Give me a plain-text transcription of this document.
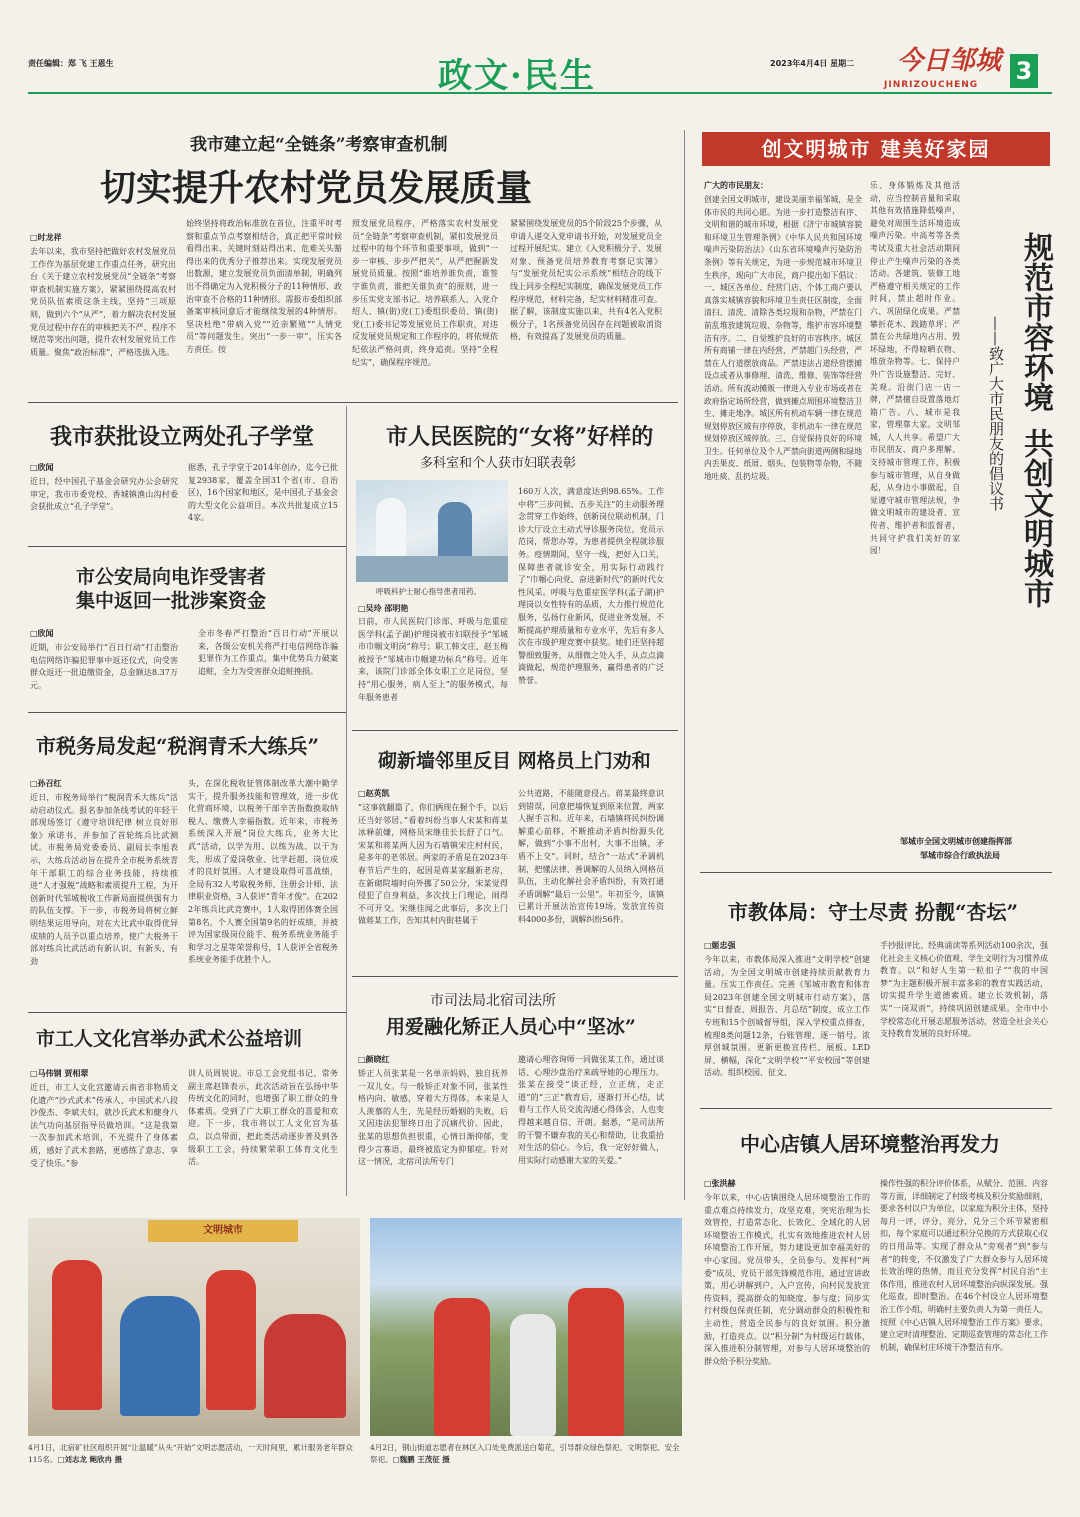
责任编辑：郑 飞 王恩生	政文·民生	2023年4月4日 星期二 今日邹城
JINRIZOUCHENG 3
我市建立起“全链条”考察审查机制
切实提升农村党员发展质量
□时龙祥
去年以来，我市坚持把做好农村发展党员工作作为基层党建工作重点任务，研究出台《关于建立农村发展党员“全链条”考察审查机制实施方案》，紧紧围绕提高农村党员队伍素质这条主线，坚持“三项原则，做到六个“从严”，着力解决农村发展党员过程中存在的审核把关不严、程序不规范等突出问题，提升农村发展党员工作质量。聚焦“政治标准”，严格选拔入选。
始终坚持将政治标准放在首位，注重平时考察和重点节点考察相结合，真正把平常时候看得出来、关键时刻站得出来、危难关头豁得出来的优秀分子推荐出来。实现发展党员出数源，建立发展党员负面清单制，明确列出不得确定为入党积极分子的11种情形、政治审查不合格的11种情形。需报市委组织部备案审核同意后才能继续发展的4种情形。坚决杜绝“带病入党”“近亲繁殖”“人情党员”等问题发生。突出“一步一审”，压实各方责任。按
照发展党员程序，严格落实农村发展党员“全链条”考察审查机制，紧扣发展党员过程中的每个环节和重要事项，做到“一步一审核、步步严把关”，从严把握新发展党员质量。按照“谁培养谁负责，谁签字谁负责，谁把关谁负责”的原则，进一步压实党支部书记、培养联系人、入党介绍人、镇(街)党(工)委组织委员、镇(街)党(工)委书记等发展党员工作职责，对违反发展党员规定和工作程序的，将依规依纪依法严格问责，终身追责。坚持“全程纪实”，确保程序规范。
紧紧围绕发展党员的5个阶段25个步骤，从申请人递交入党申请书开始，对发展党员全过程开展纪实。建立《入党积极分子、发展对象、预备党员培养教育考察记实簿》与“发展党员纪实公示系统”相结合的线下线上同步全程纪实制度，确保发展党员工作程序规范，材料完备，纪实材料精准可查。据了解，该制度实施以来，共有4名入党积极分子，1名预备党员因存在问题被取消资格，有效提高了发展党员的质量。
我市获批设立两处孔子学堂
□欣闻
近日，经中国孔子基金会研究办公会研究审定，我市市委党校、香城镇渔山沟村委会获批成立“孔子学堂”。
据悉，孔子学堂于2014年创办，迄今已批复2938家，覆盖全国31个省(市、自治区)，16个国家和地区，是中国孔子基金会的大型文化公益项目。本次共批复成立154家。
市公安局向电诈受害者
集中返回一批涉案资金
□欣闻
近期，市公安局举行“百日行动”打击整治电信网络诈骗犯罪事中返还仪式，向受害群众返还一批追缴资金，总金额达8.37万元。
全市冬春严打整治“百日行动”开展以来，各级公安机关将严打电信网络诈骗犯罪作为工作重点，集中优势兵力破案追赃，全力为受害群众追赃挽损。
市税务局发起“税润青禾大练兵”
□孙召红
近日，市税务局举行“税润青禾大练兵”活动启动仪式。报名参加条线考试的年轻干部现场签订《遵守培训纪律 树立良好形象》承诺书，并参加了首轮练兵比武测试。市税务局党委委员、副局长李旭表示，大练兵活动旨在提升全市税务系统青年干部职工的综合业务技能，持续推进“人才强税”战略和素质提升工程，为开创新时代邹城税收工作新局面提供强有力的队伍支撑。下一步，市税务局将树立鲜明结果运用导向，对在大比武中取得优异成绩的人员予以重点培养，使广大税务干部对练兵比武活动有新认识、有新头、有劲
头，在深化税收征管体制改革大潮中勤学实干，提升服务技能和管理效，进一步优化营商环境，以税务干部辛苦指数换取纳税人、缴费人幸福指数。近年来，市税务系统深入开展“岗位大练兵，业务大比武”活动，以学为用、以练为战、以干为先，形成了爱岗敬业、比学赶超、岗位成才的良好氛围。人才建设取得可喜战绩，全局有32人考取税务师、注册会计师、法律职业资格，3人获评“青年才俊”。在2022年练兵比武竞赛中，1人取得团体赛全国第8名，个人赛全国第9名的好成绩，并被评为国家级岗位能手、税务系统业务能手和学习之星等荣誉称号，1人获评全省税务系统业务能手优胜个人。
市工人文化宫举办武术公益培训
□马伟钢 贾相翠
近日，市工人文化宫邀请云南省非物质文化遗产“沙式武术”传承人、中国武术八段沙俊杰、李斌夫妇，就沙氏武术和健身八法气功向基层指导员做培训。“这是我第一次参加武术培训，不光提升了身体素质，感好了武术套路，更感练了意志、享受了快乐。”参
训人员周锐说。市总工会党组书记、常务副主席赵锋表示，此次活动旨在弘扬中华传统文化的同时，也增强了职工群众的身体素质。受到了广大职工群众的喜爱和欢迎。下一步，我市将以工人文化宫为基点，以点带面，把此类活动逐步普及到各级职工工会，持续繁荣职工体育文化生活。
市人民医院的“女将”好样的
多科室和个人获市妇联表彰
呼吸科护士耐心指导患者用药。
□吴玲 邵明艳
日前，市人民医院门诊部、呼吸与危重症医学科(孟子湖)护理岗被市妇联授予“邹城市巾帼文明岗”称号；职工韩文庄、赵玉梅被授予“邹城市巾帼建功标兵”称号。近年来，该院门诊部全体女职工立足岗位，坚持“用心服务，病人至上”的服务模式，每年服务患者
160万人次，满意度达到98.65%。工作中将“三步问候、五步关注”的主动服务理念贯穿工作始终，创新岗位联动机制，门诊大厅设立主动式导诊服务岗位，党员示范岗，帮您办等，为患者提供全程就诊服务。疫情期间，坚守一线，把好入口关，保障患者就诊安全，用实际行动践行了“巾帼心向党、奋进新时代”的新时代女性风采。呼吸与危重症医学科(孟子湖)护理岗以女性特有的品质，大力推行规范化服务，弘扬行业新风，促进业务发展，不断提高护理质量和专业水平，先后有多人次在市级护理竞赛中获奖。她们还坚持超警细致服务，从细微之处入手，从点点滴滴做起，规范护理服务，赢得患者的广泛赞誉。
砌新墙邻里反目 网格员上门劝和
□赵英凯
“这事就翻篇了，你们俩现在握个手，以后还当好邻居。”看着纠纷当事人宋某和蒋某冰释前嫌，网格员宋继佳长长舒了口气。宋某和蒋某两人因为石墙镇宋庄村村民，是多年的老邻居。两家的矛盾是在2023年春节后产生的，起因是蒋某家翻新老房，在新砌院墙时向外挪了50公分，宋某觉得侵犯了自身利益，多次找上门理论，闹得不可开交。宋继佳闻之此事后，多次上门做蒋某工作，告知其村内街巷属于
公共道路，不能随意侵占。蒋某最终意识到错误，同意把墙恢复到原来位置，两家人握手言和。近年来，石墙镇将民纠纷调解重心前移，不断推动矛盾纠纷源头化解，做到“小事不出村，大事不出镇，矛盾不上交”。同时，结合“一站式”矛调机制，把懂法律、善调解的人员纳入网格员队伍，主动化解社会矛盾纠纷，有效打通矛盾调解“最后一公里”。年初至今，该镇已累计开展法治宣传19场，发放宣传资料4000多份，调解纠纷56件。
市司法局北宿司法所
用爱融化矫正人员心中“坚冰”
□颜晓红
矫正人员张某是一名单亲妈妈，独自抚养一双儿女。与一般矫正对象不同，张某性格内向、敏感，穿着大方得体，本来是人人羡慕的人生，先是经历婚姻的失败，后又因违法犯罪终日出了沉痛代价。因此，张某的思想负担很重，心情日渐抑郁，变得少言寡语，最终被监定为抑郁症。针对这一情况，北宿司法所专门
邀请心理咨询师一同做张某工作，通过谈话、心理沙盘治疗来疏导她的心理压力。张某在接受“谈正经，立正统，走正道”的“三正”教育后，逐渐打开心结，试着与工作人员交流沟通心得体会，人也变得越来越自信、开朗。据悉，“是司法所的干警不嫌弃我的关心和帮助，让我重拾对生活的信心。今后，我一定好好做人，用实际行动感谢大家的关爱。”
文明城市
4月1日，北宿矿社区组织开展“让温暖”从头“开始”文明志愿活动，一天时间里，累计服务老年群众115名。□刘志龙 鲍欣冉 摄
4月2日，钢山街道志愿者在林区入口处免费派送白菊花，引导群众绿色祭祀、文明祭祀、安全祭祀。□魏鹏 王茂征 摄
创文明城市 建美好家园
广大的市民朋友：
创建全国文明城市，建设美丽幸福邹城，是全体市民的共同心愿。为进一步打造整洁有序、文明和谐的城市环境，根据《济宁市城镇容貌和环境卫生管理条例》《中华人民共和国环境噪声污染防治法》《山东省环境噪声污染防治条例》等有关规定，为进一步规范城市环境卫生秩序，现向广大市民，商户提出如下倡议：一、城区各单位、经营门店、个体工商户要认真落实城镇容貌和环境卫生责任区制度，全面清扫、清洗、清除各类垃圾和杂物，严禁在门前乱堆放建筑垃圾、杂物等，维护市容环境整洁有序。二、自觉维护良好的市容秩序。城区所有商铺一律在内经营，严禁超门头经营，严禁在人行道摆放商品。严禁违法占道经营摆摊设点或者从事修理、清洗、维修、装饰等经营活动。所有流动摊贩一律进入专业市场或者在政府指定场所经营，做到摊点周围环境整洁卫生、摊走地净。城区所有机动车辆一律在规范规划停放区域有序停放，非机动车一律在规范规划停放区域停放。三、自觉保持良好的环境卫生。任何单位及个人严禁向街道两侧和绿地内丢果皮、纸屑、烟头、包装物等杂物，不随地吐痰、乱扔垃圾。
乐、身体锻炼及其他活动，应当控制音量和采取其他有效措施降低噪声，避免对周围生活环境造成噪声污染。中高考等各类考试及重大社会活动期间停止产生噪声污染的各类活动。各建筑、装修工地严格遵守相关规定的工作时间，禁止超时作业。六、巩固绿化成果。严禁攀折花木、践踏草坪；严禁在公共绿地内占用、毁坏绿地，不得晾晒衣物、堆放杂物等。七、保持户外广告设施整洁、完好、美观。沿街门店一店一牌，严禁擅自设置落地灯箱广告。八、城市是我家，管理靠大家。文明邹城，人人共享。希望广大市民朋友、商户多理解、支持城市管理工作，积极参与城市管理，从自身做起，从身边小事做起，自觉遵守城市管理法规，争做文明城市的建设者、宣传者、维护者和监督者，共同守护我们美好的家园！
规范市容环境
共创文明城市
——致广大市民朋友的倡议书
邹城市全国文明城市创建指挥部
邹城市综合行政执法局
市教体局：守士尽责 扮靓“杏坛”
□姬忠强
今年以来，市教体局深入推进“文明学校”创建活动，为全国文明城市创建持续贡献教育力量。压实工作责任。完善《邹城市教育和体育局2023年创建全国文明城市行动方案》，落实“日督查、周报告、月总结”制度，成立工作专班和15个创城督导组，深入学校重点排查，梳理8类问题12条，台账管理、逐一销号。浓厚创城氛围。更新更换宣传栏、展板、LED屏、横幅，深化“文明学校”“平安校园”等创建活动。组织校园、征文、
手抄报评比、经典诵读等系列活动100余次，强化社会主义核心价值观、学生文明行为习惯养成教育。以“和好人生第一粒扣子”“我的中国梦”为主题积极开展丰富多彩的教育实践活动，切实提升学生道德素质。建立长效机制，落实“一岗双责”，持续巩固创建成果。全市中小学校常态化开展志愿服务活动，营造全社会关心支持教育发展的良好环境。
中心店镇人居环境整治再发力
□张洪赫
今年以来，中心店镇围绕人居环境整治工作的重点难点持续发力，攻坚克难，突宪治理为长效管控，打造常态化、长效化、全域化的人居环境整治工作模式，扎实有效地推进农村人居环境整治工作开展，努力建设更加幸福美好的中心家园。党员带头，全员参与。发挥村“两委”成员、党员干部先锋模范作用，通过宣讲政策，用心讲解到户，入户宣传，向村民发放宣传资料，提高群众的知晓度、参与度；同步实行村级包保责任制，充分调动群众的积极性和主动性，营造全民参与的良好氛围。积分激励，打造亮点。以“积分制”为村级运行载体，深入推进积分制管理，对参与人居环境整治的群众给予积分奖励。
操作性强的积分评价体系，从赋分、范围、内容等方面，详细制定了村级考核及积分奖励细则，要求各村以户为单位，以家庭为积分主体，坚持每月一评，评分，亮分，兑分三个环节紧密相扣，每个家庭可以通过积分兑换的方式获取心仪的日用品等。实现了群众从“旁观者”到“参与者”的转变，不仅激发了广大群众参与人居环境长效治理的热情，而且充分发挥“村民自治”主体作用，推进农村人居环境整治向纵深发展。强化巡查，即时整治。在46个村设立人居环境整治工作小组，明确村主要负责人为第一责任人，按照《中心店镇人居环境整治工作方案》要求，建立定时清理整治、定期巡查管理的常态化工作机制，确保村庄环境干净整洁有序。
